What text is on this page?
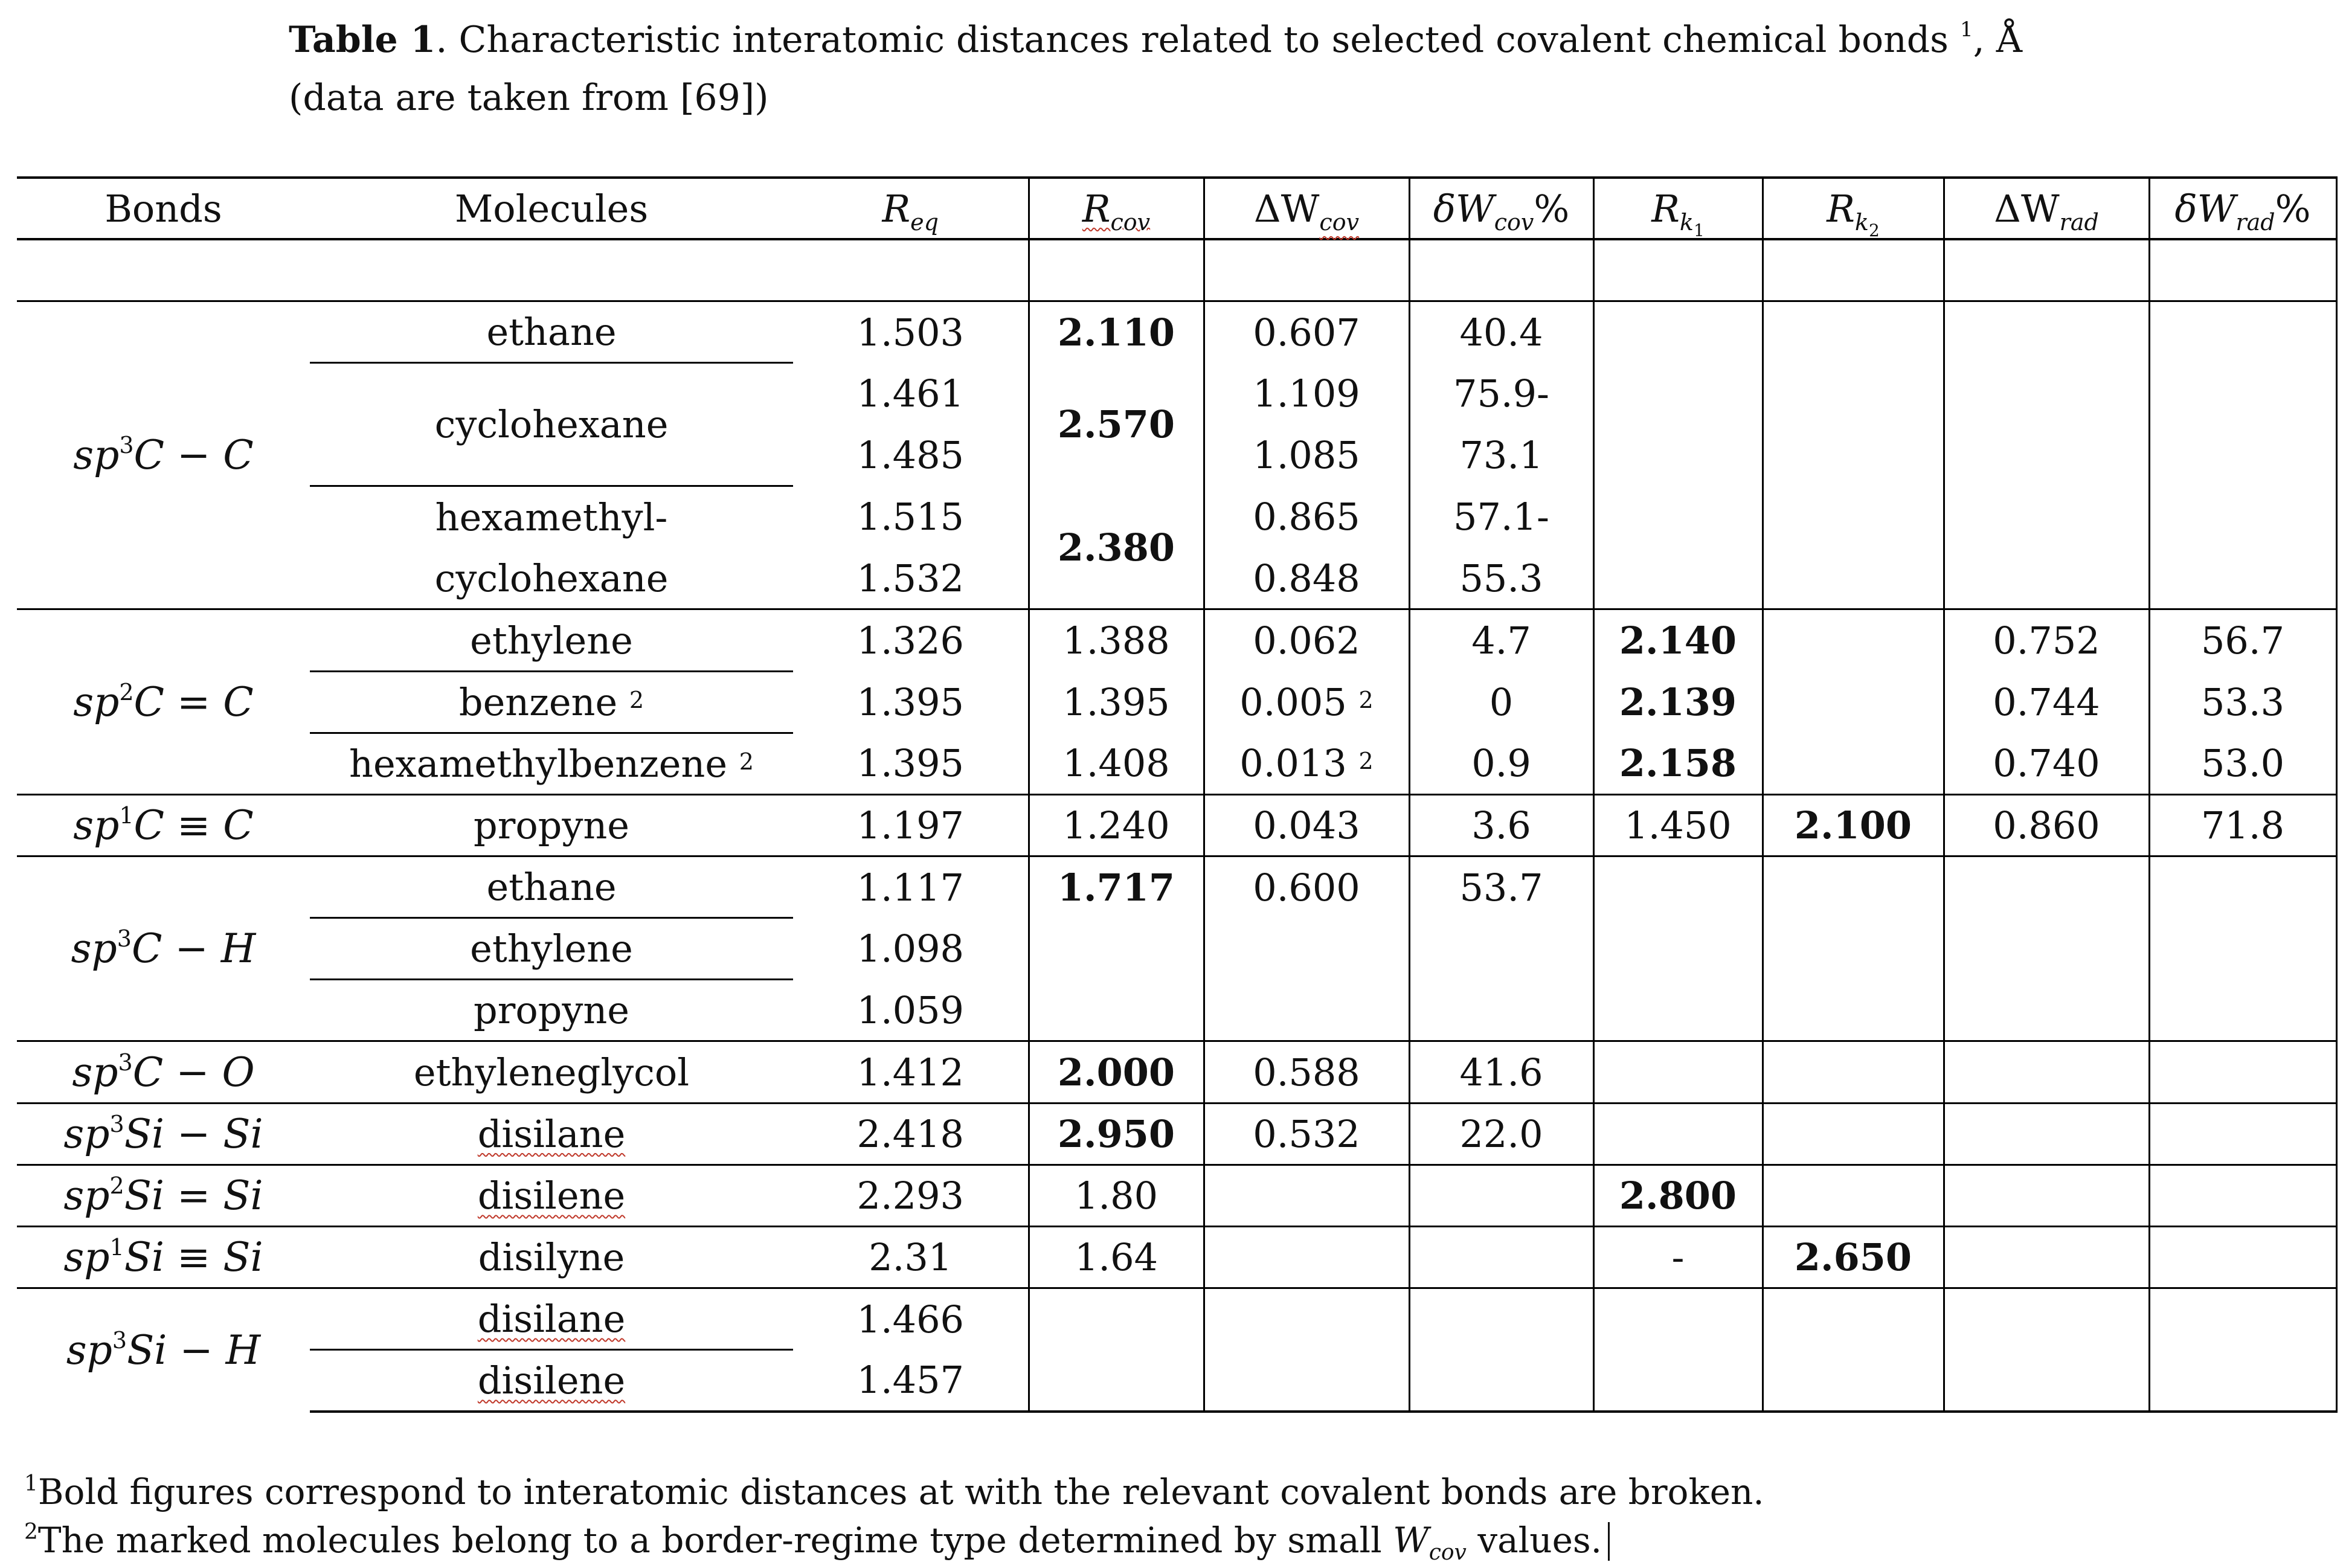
Table 1. Characteristic interatomic distances related to selected covalent chemical bonds $^1$, Å
(data are taken from [69])
Bonds	Molecules	$R_{eq}$	$R_{cov}$	$\Delta W_{cov}$	$\delta W_{cov}\%$	$R_{k_1}$	$R_{k_2}$	$\Delta W_{rad}$	$\delta W_{rad}\%$

$sp^3C - C$	ethane	1.503	2.110	0.607	40.4				
	cyclohexane	1.461	2.570	1.109	75.9-				
		1.485		1.085	73.1				
	hexamethyl-	1.515	2.380	0.865	57.1-				
	cyclohexane	1.532		0.848	55.3				
$sp^2C = C$	ethylene	1.326	1.388	0.062	4.7	2.140		0.752	56.7
	benzene 2	1.395	1.395	0.005 2	0	2.139		0.744	53.3
	hexamethylbenzene 2	1.395	1.408	0.013 2	0.9	2.158		0.740	53.0
$sp^1C \equiv C$	propyne	1.197	1.240	0.043	3.6	1.450	2.100	0.860	71.8
$sp^3C - H$	ethane	1.117	1.717	0.600	53.7				
	ethylene	1.098							
	propyne	1.059							
$sp^3C - O$	ethyleneglycol	1.412	2.000	0.588	41.6				
$sp^3Si - Si$	disilane	2.418	2.950	0.532	22.0				
$sp^2Si = Si$	disilene	2.293	1.80			2.800			
$sp^1Si \equiv Si$	disilyne	2.31	1.64			-	2.650		
$sp^3Si - H$	disilane	1.466							
	disilene	1.457							
$^1$Bold figures correspond to interatomic distances at with the relevant covalent bonds are broken.
$^2$The marked molecules belong to a border-regime type determined by small $W_{cov}$ values.
